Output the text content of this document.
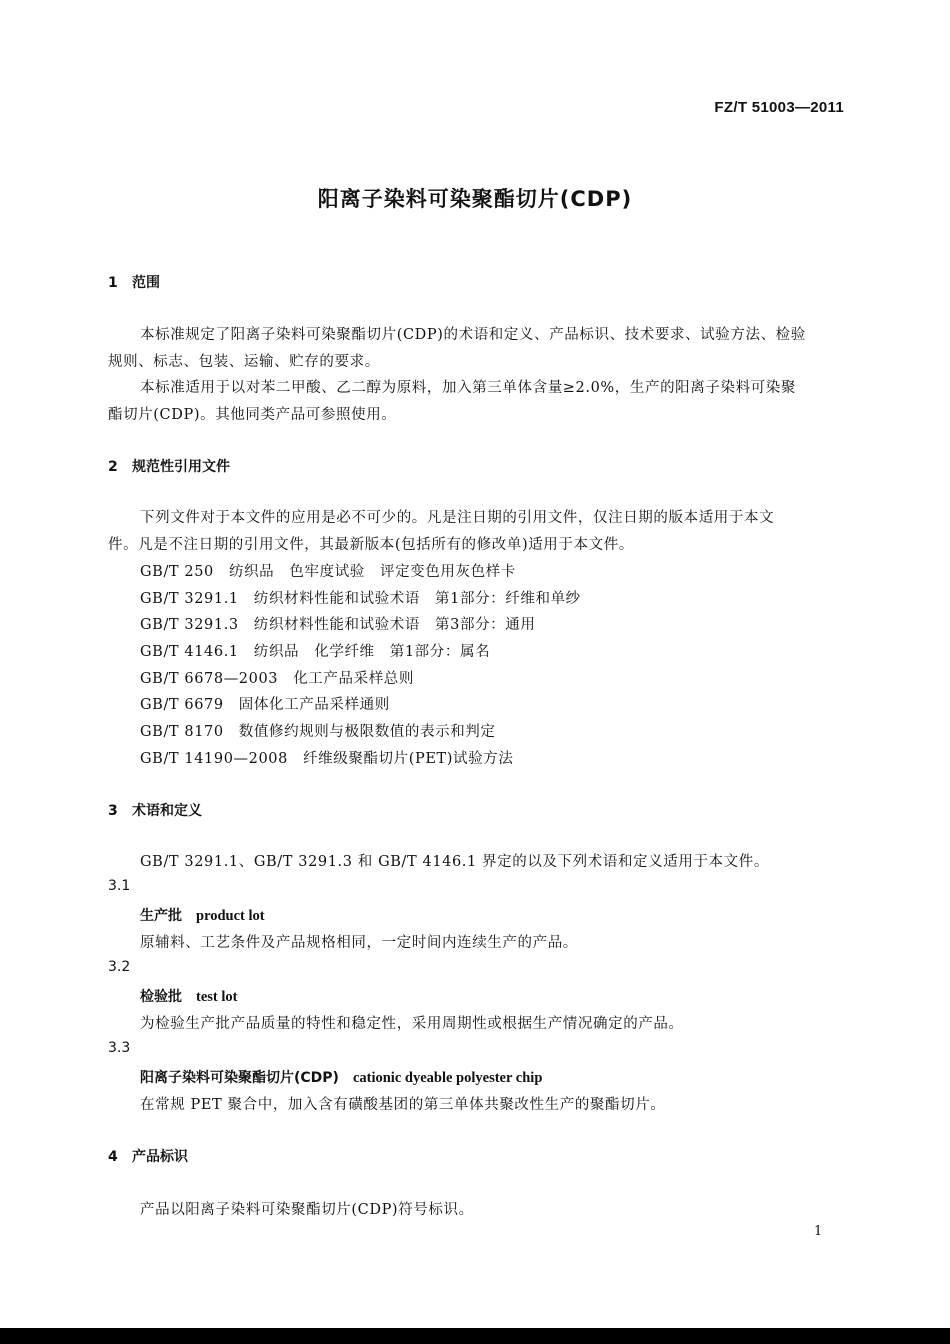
FZ/T 51003—2011
阳离子染料可染聚酯切片(CDP)
1 范围
本标准规定了阳离子染料可染聚酯切片(CDP)的术语和定义、产品标识、技术要求、试验方法、检验
规则、标志、包装、运输、贮存的要求。
本标准适用于以对苯二甲酸、乙二醇为原料，加入第三单体含量≥2.0%，生产的阳离子染料可染聚
酯切片(CDP)。其他同类产品可参照使用。
2 规范性引用文件
下列文件对于本文件的应用是必不可少的。凡是注日期的引用文件，仅注日期的版本适用于本文
件。凡是不注日期的引用文件，其最新版本(包括所有的修改单)适用于本文件。
GB/T 250　纺织品　色牢度试验　评定变色用灰色样卡
GB/T 3291.1　纺织材料性能和试验术语　第1部分：纤维和单纱
GB/T 3291.3　纺织材料性能和试验术语　第3部分：通用
GB/T 4146.1　纺织品　化学纤维　第1部分：属名
GB/T 6678—2003　化工产品采样总则
GB/T 6679　固体化工产品采样通则
GB/T 8170　数值修约规则与极限数值的表示和判定
GB/T 14190—2008　纤维级聚酯切片(PET)试验方法
3 术语和定义
GB/T 3291.1、GB/T 3291.3 和 GB/T 4146.1 界定的以及下列术语和定义适用于本文件。
3.1
生产批 product lot
原辅料、工艺条件及产品规格相同，一定时间内连续生产的产品。
3.2
检验批 test lot
为检验生产批产品质量的特性和稳定性，采用周期性或根据生产情况确定的产品。
3.3
阳离子染料可染聚酯切片(CDP) cationic dyeable polyester chip
在常规 PET 聚合中，加入含有磺酸基团的第三单体共聚改性生产的聚酯切片。
4 产品标识
产品以阳离子染料可染聚酯切片(CDP)符号标识。
1
